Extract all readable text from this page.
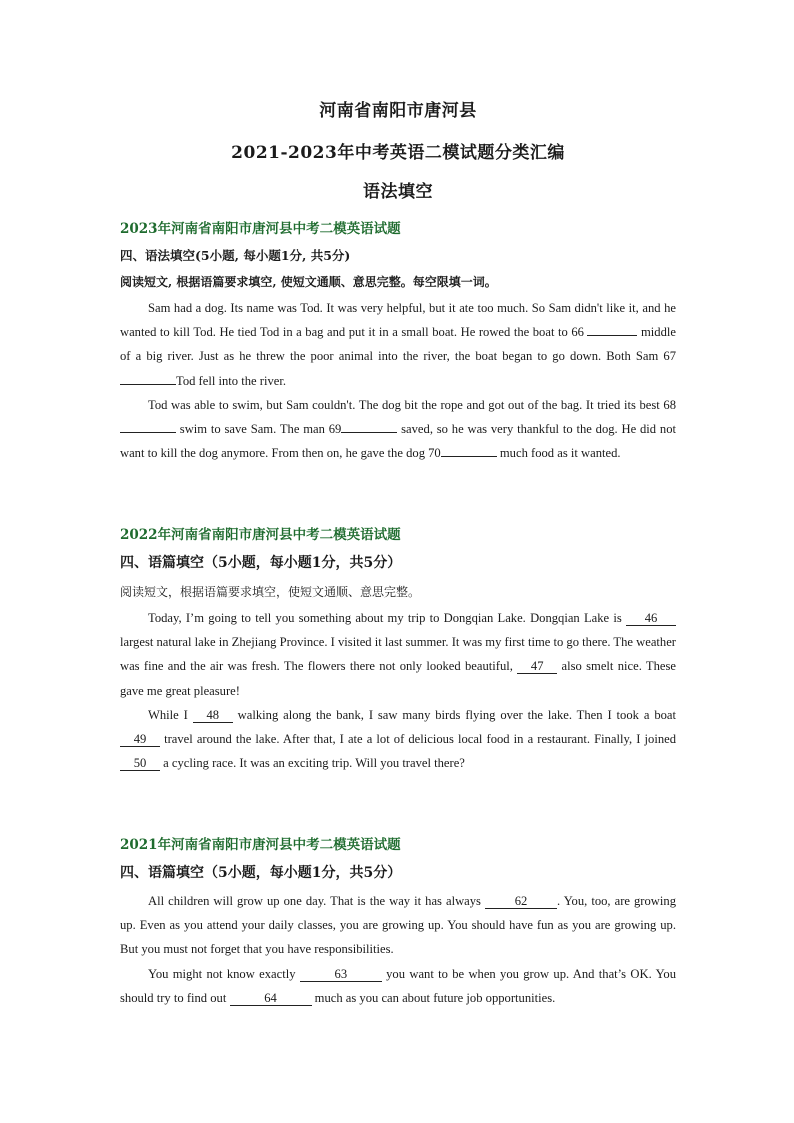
河南省南阳市唐河县
2021-2023年中考英语二模试题分类汇编
语法填空
2023年河南省南阳市唐河县中考二模英语试题
四、语法填空(5小题, 每小题1分, 共5分)
阅读短文, 根据语篇要求填空, 使短文通顺、意思完整。每空限填一词。

Sam had a dog. Its name was Tod. It was very helpful, but it ate too much. So Sam didn't like it, and he wanted to kill Tod. He tied Tod in a bag and put it in a small boat. He rowed the boat to 66	middle of a big river. Just as he threw the poor animal into the river, the boat began to go down. Both Sam 67Tod fell into the river.

Tod was able to swim, but Sam couldn't. The dog bit the rope and got out of the bag. It tried its best 68 swim to save Sam. The man 69	saved, so he was very thankful to the dog. He did not want to kill the dog anymore. From then on, he gave the dog 70	much food as it wanted.

2022年河南省南阳市唐河县中考二模英语试题
四、语篇填空（5小题，每小题1分，共5分）
阅读短文，根据语篇要求填空，使短文通顺、意思完整。

Today, I’m going to tell you something about my trip to Dongqian Lake. Dongqian Lake is 46 largest natural lake in Zhejiang Province. I visited it last summer. It was my first time to go there. The weather was fine and the air was fresh. The flowers there not only looked beautiful, 47 also smelt nice. These gave me great pleasure!

While I 48 walking along the bank, I saw many birds flying over the lake. Then I took a boat 49 travel around the lake. After that, I ate a lot of delicious local food in a restaurant. Finally, I joined 50 a cycling race. It was an exciting trip. Will you travel there?

2021年河南省南阳市唐河县中考二模英语试题
四、语篇填空（5小题，每小题1分，共5分）

All children will grow up one day. That is the way it has always 62 . You, too, are growing up. Even as you attend your daily classes, you are growing up. You should have fun as you are growing up. But you must not forget that you have responsibilities.

You might not know exactly	63	you want to be when you grow up. And that’s OK. You should try to find out	64	much as you can about future job opportunities.
